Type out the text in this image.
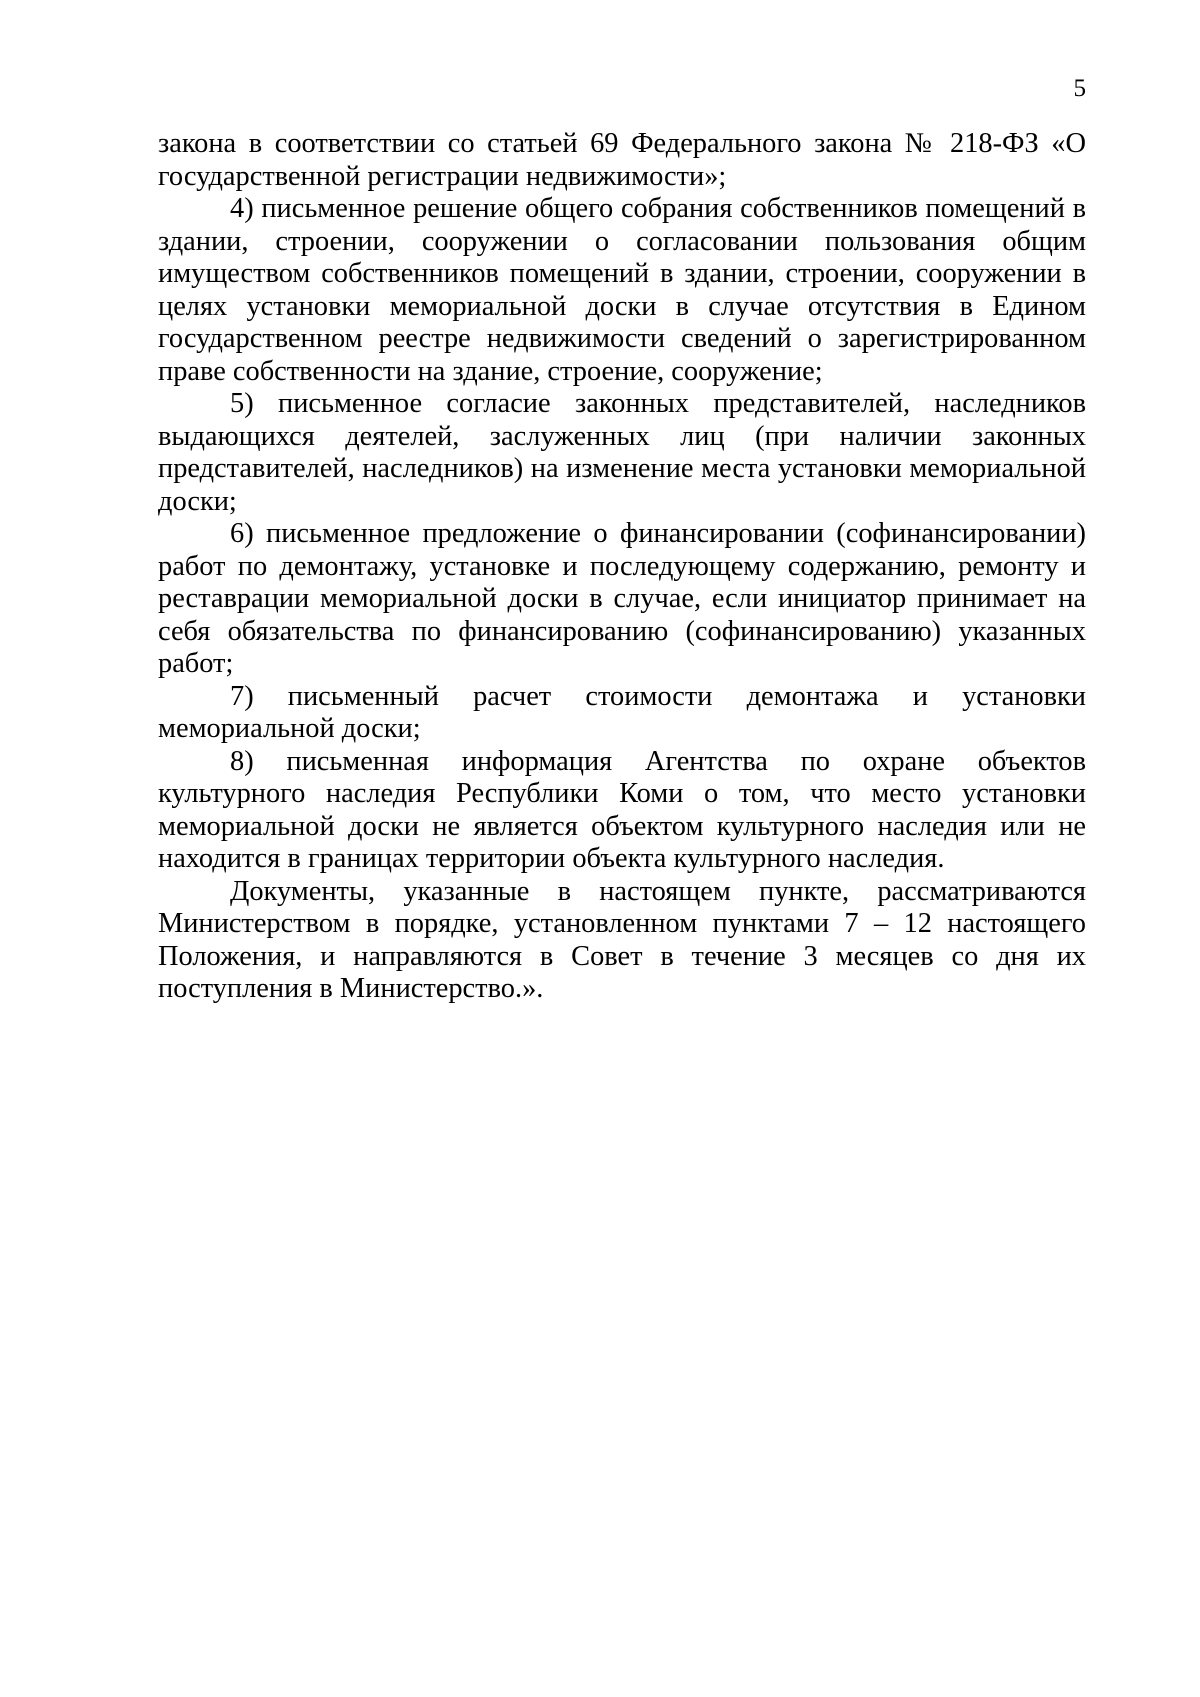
5

закона в соответствии со статьей 69 Федерального закона № 218-ФЗ «О государственной регистрации недвижимости»;

4) письменное решение общего собрания собственников помещений в здании, строении, сооружении о согласовании пользования общим имуществом собственников помещений в здании, строении, сооружении в целях установки мемориальной доски в случае отсутствия в Едином государственном реестре недвижимости сведений о зарегистрированном праве собственности на здание, строение, сооружение;

5) письменное согласие законных представителей, наследников выдающихся деятелей, заслуженных лиц (при наличии законных представителей, наследников) на изменение места установки мемориальной доски;

6) письменное предложение о финансировании (софинансировании) работ по демонтажу, установке и последующему содержанию, ремонту и реставрации мемориальной доски в случае, если инициатор принимает на себя обязательства по финансированию (софинансированию) указанных работ;

7) письменный расчет стоимости демонтажа и установки мемориальной доски;

8) письменная информация Агентства по охране объектов культурного наследия Республики Коми о том, что место установки мемориальной доски не является объектом культурного наследия или не находится в границах территории объекта культурного наследия.

Документы, указанные в настоящем пункте, рассматриваются Министерством в порядке, установленном пунктами 7 – 12 настоящего Положения, и направляются в Совет в течение 3 месяцев со дня их поступления в Министерство.».
